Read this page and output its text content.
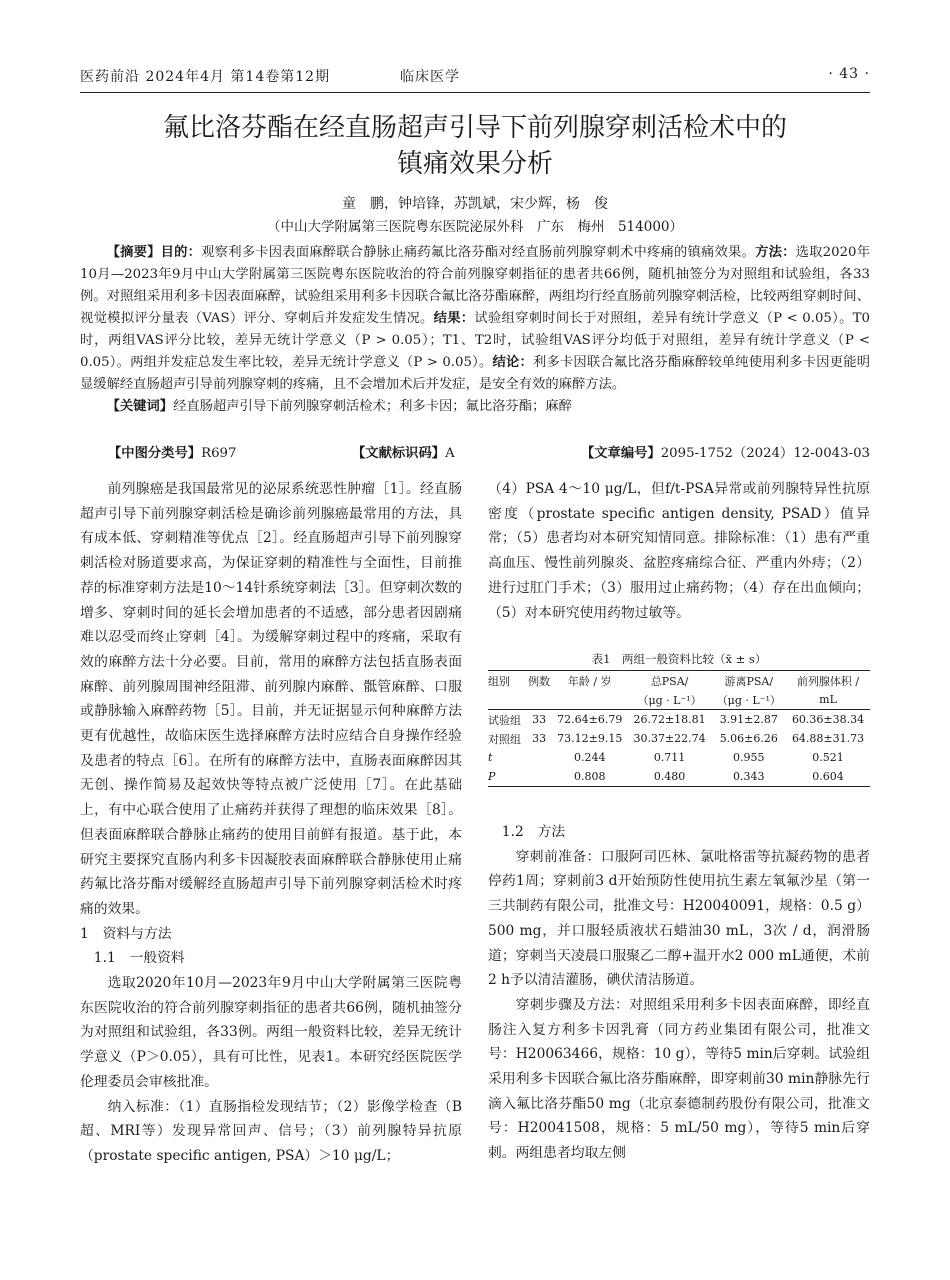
医药前沿 2024年4月 第14卷第12期	临床医学	· 43 ·
氟比洛芬酯在经直肠超声引导下前列腺穿刺活检术中的
镇痛效果分析
童　鹏，钟培锋，苏凯斌，宋少辉，杨　俊
（中山大学附属第三医院粤东医院泌尿外科　广东　梅州　514000）
【摘要】目的：观察利多卡因表面麻醉联合静脉止痛药氟比洛芬酯对经直肠前列腺穿刺术中疼痛的镇痛效果。方法：选取2020年10月—2023年9月中山大学附属第三医院粤东医院收治的符合前列腺穿刺指征的患者共66例，随机抽签分为对照组和试验组，各33例。对照组采用利多卡因表面麻醉，试验组采用利多卡因联合氟比洛芬酯麻醉，两组均行经直肠前列腺穿刺活检，比较两组穿刺时间、视觉模拟评分量表（VAS）评分、穿刺后并发症发生情况。结果：试验组穿刺时间长于对照组，差异有统计学意义（P < 0.05）。T0时，两组VAS评分比较，差异无统计学意义（P > 0.05）；T1、T2时，试验组VAS评分均低于对照组，差异有统计学意义（P < 0.05）。两组并发症总发生率比较，差异无统计学意义（P > 0.05）。结论：利多卡因联合氟比洛芬酯麻醉较单纯使用利多卡因更能明显缓解经直肠超声引导前列腺穿刺的疼痛，且不会增加术后并发症，是安全有效的麻醉方法。
【关键词】经直肠超声引导下前列腺穿刺活检术；利多卡因；氟比洛芬酯；麻醉
【中图分类号】R697	【文献标识码】A	【文章编号】2095-1752（2024）12-0043-03

前列腺癌是我国最常见的泌尿系统恶性肿瘤［1］。经直肠超声引导下前列腺穿刺活检是确诊前列腺癌最常用的方法，具有成本低、穿刺精准等优点［2］。经直肠超声引导下前列腺穿刺活检对肠道要求高，为保证穿刺的精准性与全面性，目前推荐的标准穿刺方法是10～14针系统穿刺法［3］。但穿刺次数的增多、穿刺时间的延长会增加患者的不适感，部分患者因剧痛难以忍受而终止穿刺［4］。为缓解穿刺过程中的疼痛，采取有效的麻醉方法十分必要。目前，常用的麻醉方法包括直肠表面麻醉、前列腺周围神经阻滞、前列腺内麻醉、骶管麻醉、口服或静脉输入麻醉药物［5］。目前，并无证据显示何种麻醉方法更有优越性，故临床医生选择麻醉方法时应结合自身操作经验及患者的特点［6］。在所有的麻醉方法中，直肠表面麻醉因其无创、操作简易及起效快等特点被广泛使用［7］。在此基础上，有中心联合使用了止痛药并获得了理想的临床效果［8］。但表面麻醉联合静脉止痛药的使用目前鲜有报道。基于此，本研究主要探究直肠内利多卡因凝胶表面麻醉联合静脉使用止痛药氟比洛芬酯对缓解经直肠超声引导下前列腺穿刺活检术时疼痛的效果。

1　资料与方法

1.1　一般资料

选取2020年10月—2023年9月中山大学附属第三医院粤东医院收治的符合前列腺穿刺指征的患者共66例，随机抽签分为对照组和试验组，各33例。两组一般资料比较，差异无统计学意义（P＞0.05），具有可比性，见表1。本研究经医院医学伦理委员会审核批准。

纳入标准：（1）直肠指检发现结节；（2）影像学检查（B超、MRI等）发现异常回声、信号；（3）前列腺特异抗原（prostate specific antigen, PSA）＞10 μg/L；

（4）PSA 4～10 μg/L，但f/t-PSA异常或前列腺特异性抗原密度（prostate specific antigen density, PSAD）值异常；（5）患者均对本研究知情同意。排除标准：（1）患有严重高血压、慢性前列腺炎、盆腔疼痛综合征、严重内外痔；（2）进行过肛门手术；（3）服用过止痛药物；（4）存在出血倾向；（5）对本研究使用药物过敏等。

表1　两组一般资料比较（x̄ ± s）
组别	例数	年龄 / 岁	总PSA/	游离PSA/	前列腺体积 /
			（μg · L⁻¹）	（μg · L⁻¹）	mL
试验组	33	72.64±6.79	26.72±18.81	3.91±2.87	60.36±38.34
对照组	33	73.12±9.15	30.37±22.74	5.06±6.26	64.88±31.73
t		0.244	0.711	0.955	0.521
P		0.808	0.480	0.343	0.604

1.2　方法

穿刺前准备：口服阿司匹林、氯吡格雷等抗凝药物的患者停药1周；穿刺前3 d开始预防性使用抗生素左氧氟沙星（第一三共制药有限公司，批准文号：H20040091，规格：0.5 g）500 mg，并口服轻质液状石蜡油30 mL，3次 / d，润滑肠道；穿刺当天凌晨口服聚乙二醇+温开水2 000 mL通便，术前2 h予以清洁灌肠，碘伏清洁肠道。

穿刺步骤及方法：对照组采用利多卡因表面麻醉，即经直肠注入复方利多卡因乳膏（同方药业集团有限公司，批准文号：H20063466，规格：10 g），等待5 min后穿刺。试验组采用利多卡因联合氟比洛芬酯麻醉，即穿刺前30 min静脉先行滴入氟比洛芬酯50 mg（北京泰德制药股份有限公司，批准文号：H20041508，规格：5 mL/50 mg），等待5 min后穿刺。两组患者均取左侧
